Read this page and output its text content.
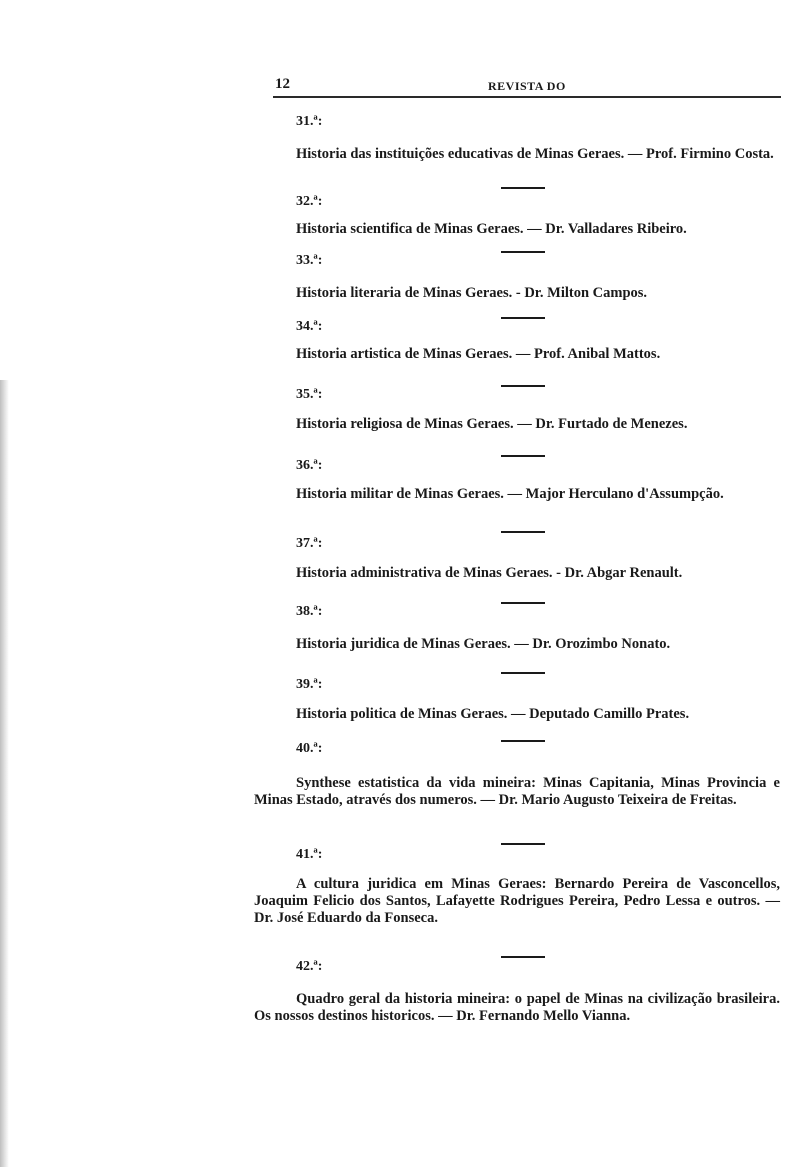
12	REVISTA DO
31.ª:
Historia das instituições educativas de Minas Geraes. — Prof. Firmino Costa.
32.ª:
Historia scientifica de Minas Geraes. — Dr. Valladares Ribeiro.
33.ª:
Historia literaria de Minas Geraes. - Dr. Milton Campos.
34.ª:
Historia artistica de Minas Geraes. — Prof. Anibal Mattos.
35.ª:
Historia religiosa de Minas Geraes. — Dr. Furtado de Menezes.
36.ª:
Historia militar de Minas Geraes. — Major Herculano d'Assumpção.
37.ª:
Historia administrativa de Minas Geraes. - Dr. Abgar Renault.
38.ª:
Historia juridica de Minas Geraes. — Dr. Orozimbo Nonato.
39.ª:
Historia politica de Minas Geraes. — Deputado Camillo Prates.
40.ª:
Synthese estatistica da vida mineira: Minas Capitania, Minas Provincia e Minas Estado, através dos numeros. — Dr. Mario Augusto Teixeira de Freitas.
41.ª:
A cultura juridica em Minas Geraes: Bernardo Pereira de Vasconcellos, Joaquim Felicio dos Santos, Lafayette Rodrigues Pereira, Pedro Lessa e outros. — Dr. José Eduardo da Fonseca.
42.ª:
Quadro geral da historia mineira: o papel de Minas na civilização brasileira. Os nossos destinos historicos. — Dr. Fernando Mello Vianna.
